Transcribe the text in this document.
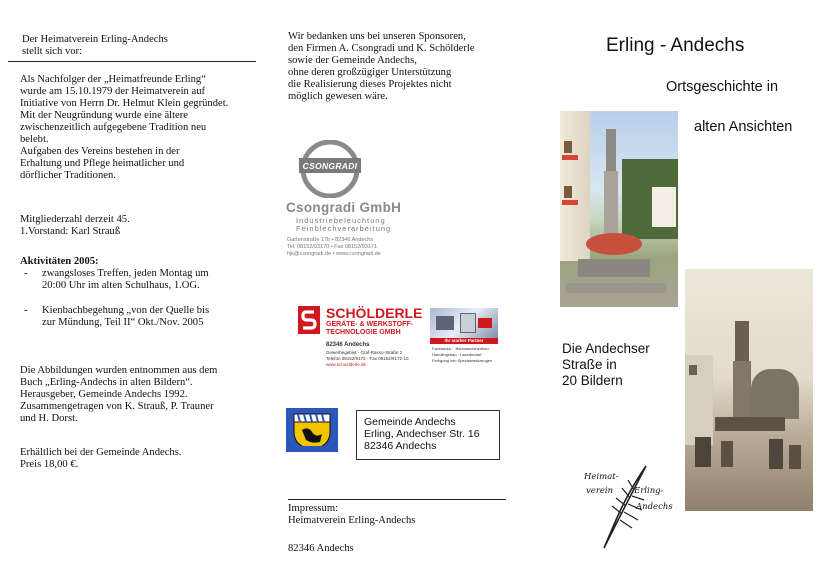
Der Heimatverein Erling-Andechs
stellt sich vor:
Als Nachfolger der „Heimatfreunde Erling“
wurde am 15.10.1979 der Heimatverein auf
Initiative von Herrn Dr. Helmut Klein gegründet.
Mit der Neugründung wurde eine ältere
zwischenzeitlich aufgegebene Tradition neu
belebt.
Aufgaben des Vereins bestehen in der
Erhaltung und Pflege heimatlicher und
dörflicher Traditionen.
Mitgliederzahl derzeit 45.
1.Vorstand: Karl Strauß
Aktivitäten 2005:
- zwangsloses Treffen, jeden Montag um
20:00 Uhr im alten Schulhaus, 1.OG.
- Kienbachbegehung „von der Quelle bis
zur Mündung, Teil II“ Okt./Nov. 2005
Die Abbildungen wurden entnommen aus dem
Buch „Erling-Andechs in alten Bildern“.
Herausgeber, Gemeinde Andechs 1992.
Zusammengetragen von K. Strauß, P. Trauner
und H. Dorst.
Erhältlich bei der Gemeinde Andechs.
Preis 18,00 €.
Wir bedanken uns bei unseren Sponsoren,
den Firmen A. Csongradi und K. Schölderle
sowie der Gemeinde Andechs,
ohne deren großzügiger Unterstützung
die Realisierung dieses Projektes nicht
möglich gewesen wäre.
CSONGRADI
Csongradi GmbH
Industriebeleuchtung
Feinblechverarbeitung
Gartenstraße 17b • 82346 Andechs
Tel. 08152/93170 • Fax 08152/93171
hjk@csongradi.de • www.csongradi.de
SCHÖLDERLE
GERÄTE- & WERKSTOFF-
TECHNOLOGIE GMBH
82346 Andechs
Gewerbegebiet · Graf-Rasso-Straße 2
Telefon 08152/9172 · Fax 08152/9172-10
www.schoelderle.de
Ihr starker Partner
Fahrwerks- · Baumaschinenbau
Handlingsbau · Laserbedarf
Fertigung von Spezialwerkzeugen
Gemeinde Andechs
Erling, Andechser Str. 16
82346 Andechs
Impressum:
Heimatverein Erling-Andechs
82346 Andechs
Erling - Andechs
Ortsgeschichte in
alten Ansichten
Die Andechser
Straße in
20 Bildern
Heimat-
verein Erling-
Andechs
